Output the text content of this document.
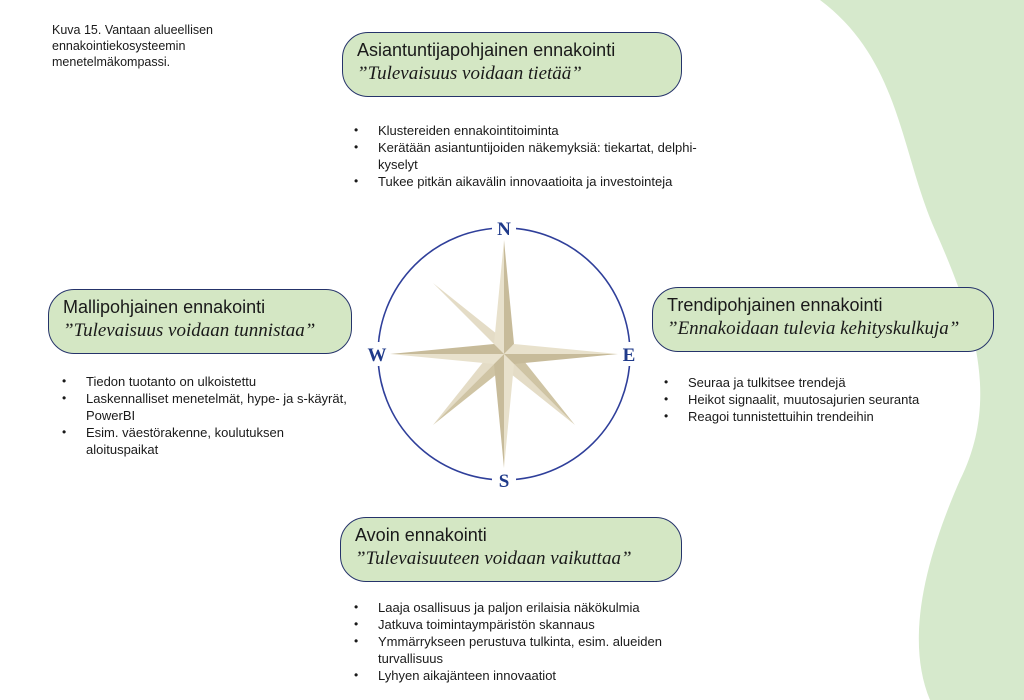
Kuva 15. Vantaan alueellisen
ennakointiekosysteemin
menetelmäkompassi.
Asiantuntijapohjainen ennakointi
”Tulevaisuus voidaan tietää”
• Klustereiden ennakointitoiminta
• Kerätään asiantuntijoiden näkemyksiä: tiekartat, delphi-kyselyt
• Tukee pitkän aikavälin innovaatioita ja investointeja
Mallipohjainen ennakointi
”Tulevaisuus voidaan tunnistaa”
• Tiedon tuotanto on ulkoistettu
• Laskennalliset menetelmät, hype- ja s-käyrät, PowerBI
• Esim. väestörakenne, koulutuksen aloituspaikat
Trendipohjainen ennakointi
”Ennakoidaan tulevia kehityskulkuja”
• Seuraa ja tulkitsee trendejä
• Heikot signaalit, muutosajurien seuranta
• Reagoi tunnistettuihin trendeihin
Avoin ennakointi
”Tulevaisuuteen voidaan vaikuttaa”
• Laaja osallisuus ja paljon erilaisia näkökulmia
• Jatkuva toimintaympäristön skannaus
• Ymmärrykseen perustuva tulkinta, esim. alueiden turvallisuus
• Lyhyen aikajänteen innovaatiot
N
S
E
W
